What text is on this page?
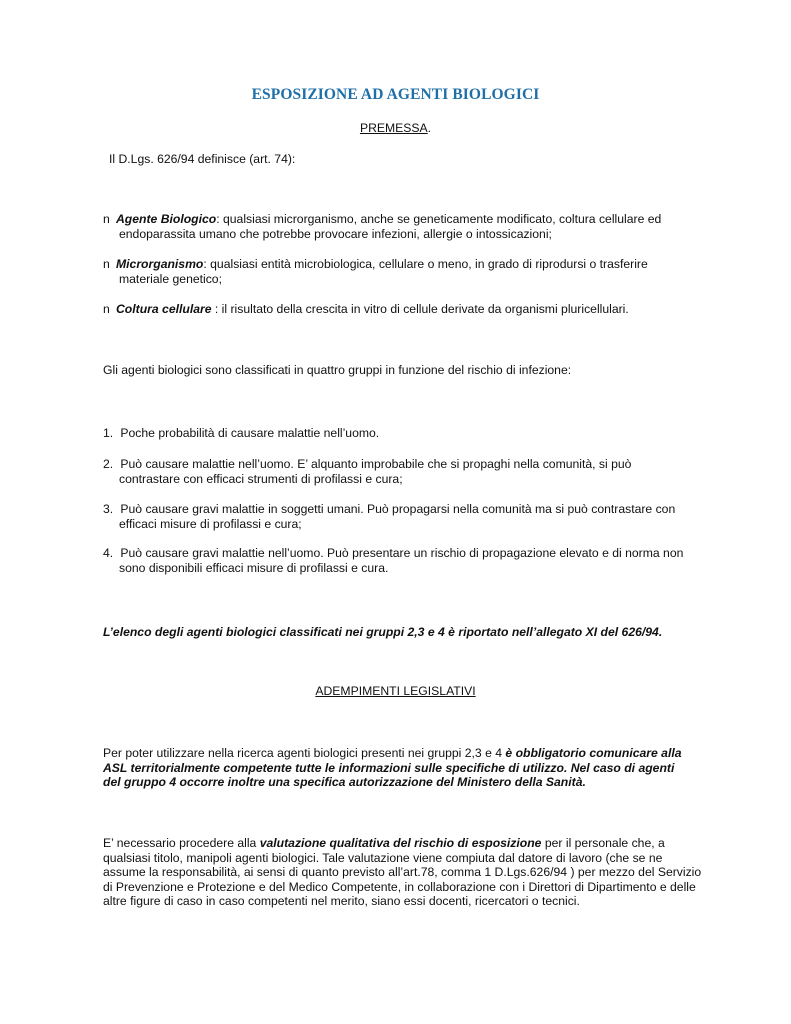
ESPOSIZIONE AD AGENTI BIOLOGICI
PREMESSA.
Il D.Lgs. 626/94 definisce (art. 74):
n Agente Biologico: qualsiasi microrganismo, anche se geneticamente modificato, coltura cellulare ed
endoparassita umano che potrebbe provocare infezioni, allergie o intossicazioni;
n Microrganismo: qualsiasi entità microbiologica, cellulare o meno, in grado di riprodursi o trasferire
materiale genetico;
n Coltura cellulare : il risultato della crescita in vitro di cellule derivate da organismi pluricellulari.
Gli agenti biologici sono classificati in quattro gruppi in funzione del rischio di infezione:
1. Poche probabilità di causare malattie nell’uomo.
2. Può causare malattie nell’uomo. E’ alquanto improbabile che si propaghi nella comunità, si può
contrastare con efficaci strumenti di profilassi e cura;
3. Può causare gravi malattie in soggetti umani. Può propagarsi nella comunità ma si può contrastare con
efficaci misure di profilassi e cura;
4. Può causare gravi malattie nell’uomo. Può presentare un rischio di propagazione elevato e di norma non
sono disponibili efficaci misure di profilassi e cura.
L’elenco degli agenti biologici classificati nei gruppi 2,3 e 4 è riportato nell’allegato XI del 626/94.
ADEMPIMENTI LEGISLATIVI
Per poter utilizzare nella ricerca agenti biologici presenti nei gruppi 2,3 e 4 è obbligatorio comunicare alla
ASL territorialmente competente tutte le informazioni sulle specifiche di utilizzo. Nel caso di agenti
del gruppo 4 occorre inoltre una specifica autorizzazione del Ministero della Sanità.
E’ necessario procedere alla valutazione qualitativa del rischio di esposizione per il personale che, a
qualsiasi titolo, manipoli agenti biologici. Tale valutazione viene compiuta dal datore di lavoro (che se ne
assume la responsabilità, ai sensi di quanto previsto all’art.78, comma 1 D.Lgs.626/94 ) per mezzo del Servizio
di Prevenzione e Protezione e del Medico Competente, in collaborazione con i Direttori di Dipartimento e delle
altre figure di caso in caso competenti nel merito, siano essi docenti, ricercatori o tecnici.
